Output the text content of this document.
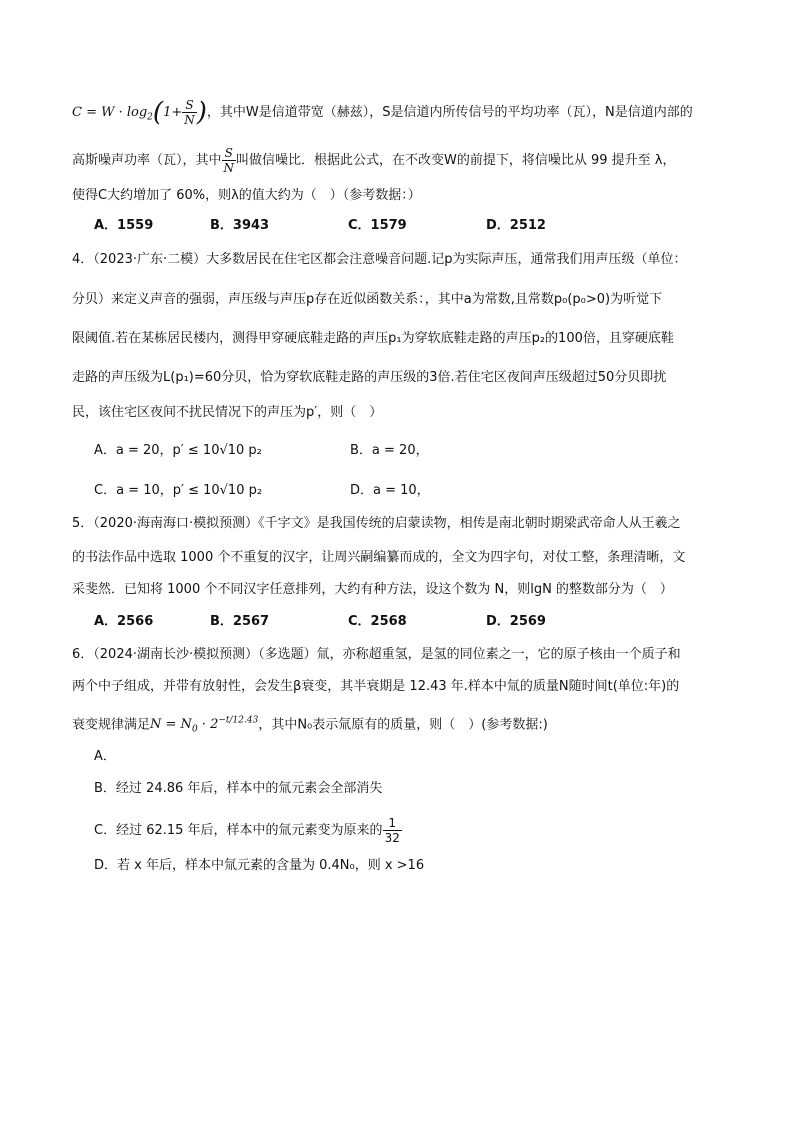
$C = W \cdot \log_2(1+ \frac{S}{N}$ )，其中W是信道带宽（赫兹），S是信道内所传信号的平均功率（瓦），N是信道内部的
高斯噪声功率（瓦），其中 $\frac{S}{N}$ 叫做信噪比．根据此公式，在不改变W的前提下，将信噪比从 99 提升至 λ，
使得C大约增加了 60%，则λ的值大约为（　）（参考数据：）
A．1559	B．3943	C．1579	D．2512
4．（2023·广东·二模）大多数居民在住宅区都会注意噪音问题.记p为实际声压，通常我们用声压级（单位：
分贝）来定义声音的强弱，声压级与声压p存在近似函数关系：，其中a为常数,且常数p₀(p₀>0)为听觉下
限阈值.若在某栋居民楼内，测得甲穿硬底鞋走路的声压p₁为穿软底鞋走路的声压p₂的100倍，且穿硬底鞋
走路的声压级为L(p₁)=60分贝，恰为穿软底鞋走路的声压级的3倍.若住宅区夜间声压级超过50分贝即扰
民，该住宅区夜间不扰民情况下的声压为p′，则（　）
A．a = 20，p′ ≤ 10√10 p₂	B．a = 20，
C．a = 10，p′ ≤ 10√10 p₂	D．a = 10，
5．（2020·海南海口·模拟预测）《千字文》是我国传统的启蒙读物，相传是南北朝时期梁武帝命人从王羲之
的书法作品中选取 1000 个不重复的汉字，让周兴嗣编纂而成的，全文为四字句，对仗工整，条理清晰，文
采斐然．已知将 1000 个不同汉字任意排列，大约有种方法，设这个数为 N，则lgN 的整数部分为（　）
A．2566	B．2567	C．2568	D．2569
6．（2024·湖南长沙·模拟预测）（多选题）氚，亦称超重氢，是氢的同位素之一，它的原子核由一个质子和
两个中子组成，并带有放射性，会发生β衰变，其半衰期是 12.43 年.样本中氚的质量N随时间t(单位:年)的
衰变规律满足$N = N_0 \cdot 2^{-t/12.43}$，其中N₀表示氚原有的质量，则（　）(参考数据:)
A．
B．经过 24.86 年后，样本中的氚元素会全部消失
C．经过 62.15 年后，样本中的氚元素变为原来的 $\frac{1}{32}$
D．若 x 年后，样本中氚元素的含量为 0.4N₀，则 x >16
